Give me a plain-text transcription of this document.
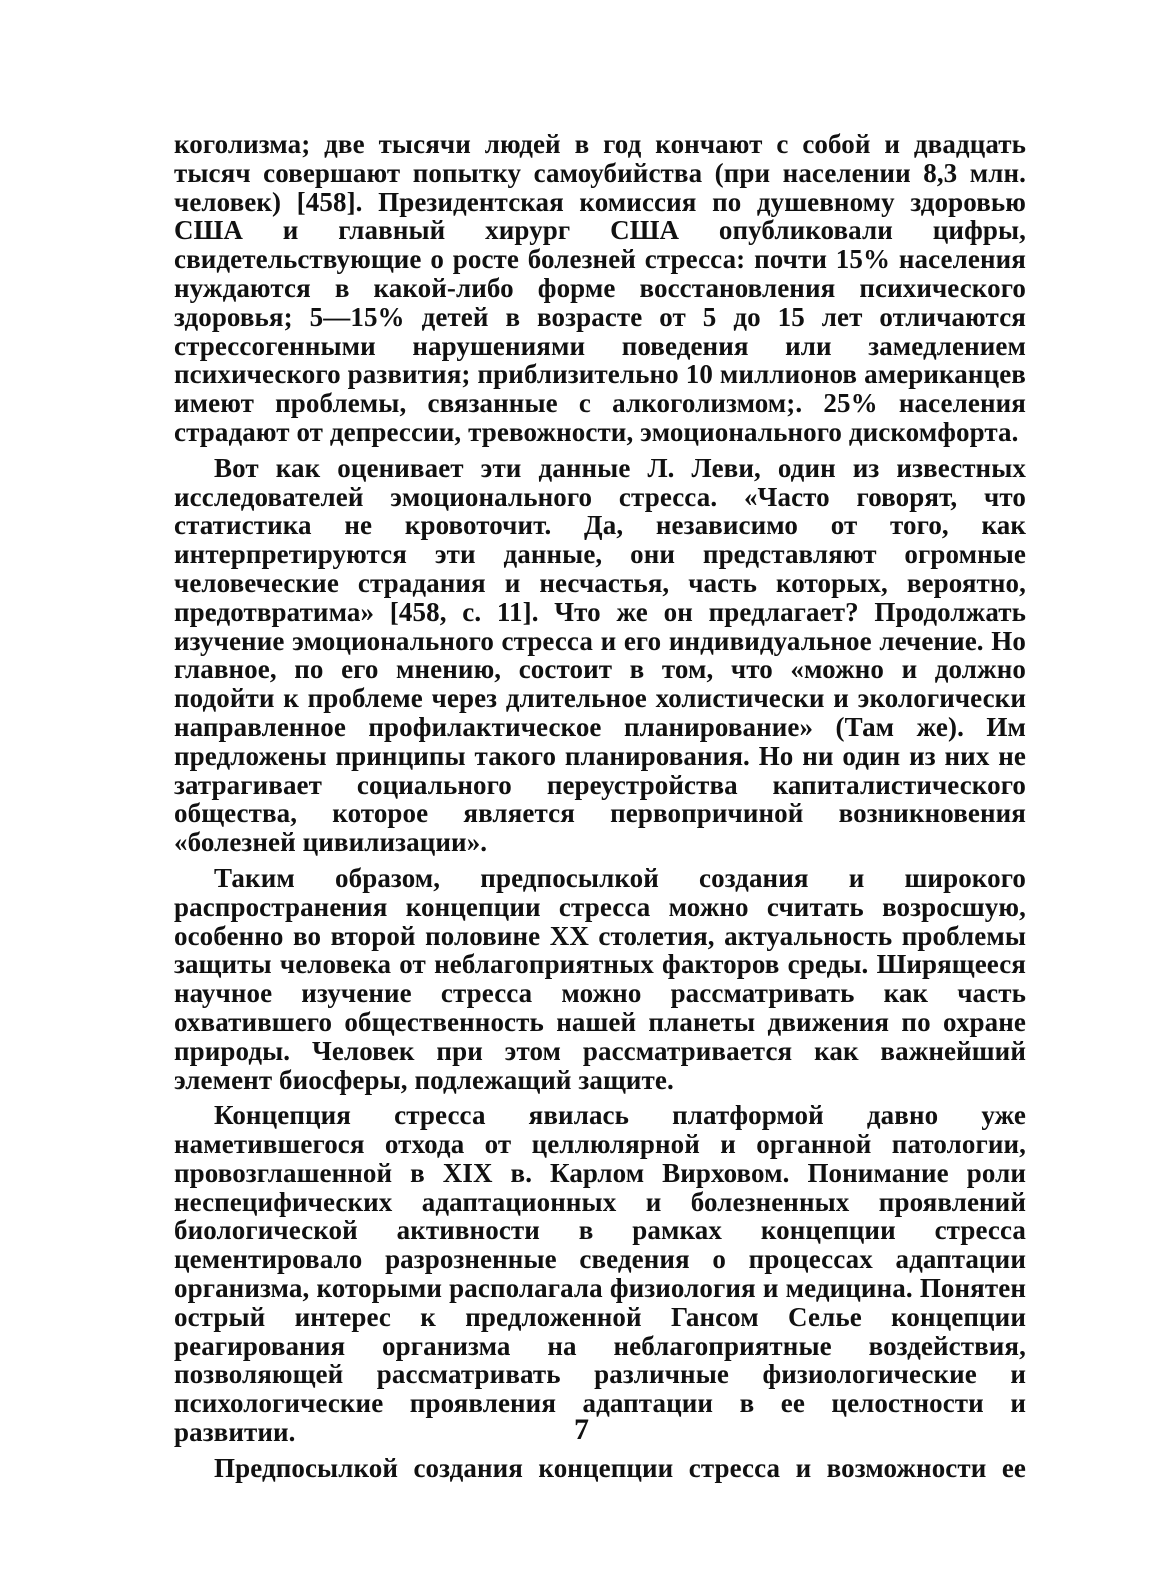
коголизма; две тысячи людей в год кончают с собой и двадцать тысяч совершают попытку самоубийства (при населении 8,3 млн. человек) [458]. Президентская комиссия по душевному здоровью США и главный хирург США опубликовали цифры, свидетельствующие о росте болезней стресса: почти 15% населения нуждаются в какой-либо форме восстановления психического здоровья; 5—15% детей в возрасте от 5 до 15 лет отличаются стрессогенными нарушениями поведения или замедлением психического развития; приблизительно 10 миллионов американцев имеют проблемы, связанные с алкоголизмом;. 25% населения страдают от депрессии, тревожности, эмоционального дискомфорта.

Вот как оценивает эти данные Л. Леви, один из известных исследователей эмоционального стресса. «Часто говорят, что статистика не кровоточит. Да, независимо от того, как интерпретируются эти данные, они представляют огромные человеческие страдания и несчастья, часть которых, вероятно, предотвратима» [458, с. 11]. Что же он предлагает? Продолжать изучение эмоционального стресса и его индивидуальное лечение. Но главное, по его мнению, состоит в том, что «можно и должно подойти к проблеме через длительное холистически и экологически направленное профилактическое планирование» (Там же). Им предложены принципы такого планирования. Но ни один из них не затрагивает социального переустройства капиталистического общества, которое является первопричиной возникновения «болезней цивилизации».

Таким образом, предпосылкой создания и широкого распространения концепции стресса можно считать возросшую, особенно во второй половине XX столетия, актуальность проблемы защиты человека от неблагоприятных факторов среды. Ширящееся научное изучение стресса можно рассматривать как часть охватившего общественность нашей планеты движения по охране природы. Человек при этом рассматривается как важнейший элемент биосферы, подлежащий защите.

Концепция стресса явилась платформой давно уже наметившегося отхода от целлюлярной и органной патологии, провозглашенной в XIX в. Карлом Вирховом. Понимание роли неспецифических адаптационных и болезненных проявлений биологической активности в рамках концепции стресса цементировало разрозненные сведения о процессах адаптации организма, которыми располагала физиология и медицина. Понятен острый интерес к предложенной Гансом Селье концепции реагирования организма на неблагоприятные воздействия, позволяющей рассматривать различные физиологические и психологические проявления адаптации в ее целостности и развитии.

Предпосылкой создания концепции стресса и возможности ее

7
